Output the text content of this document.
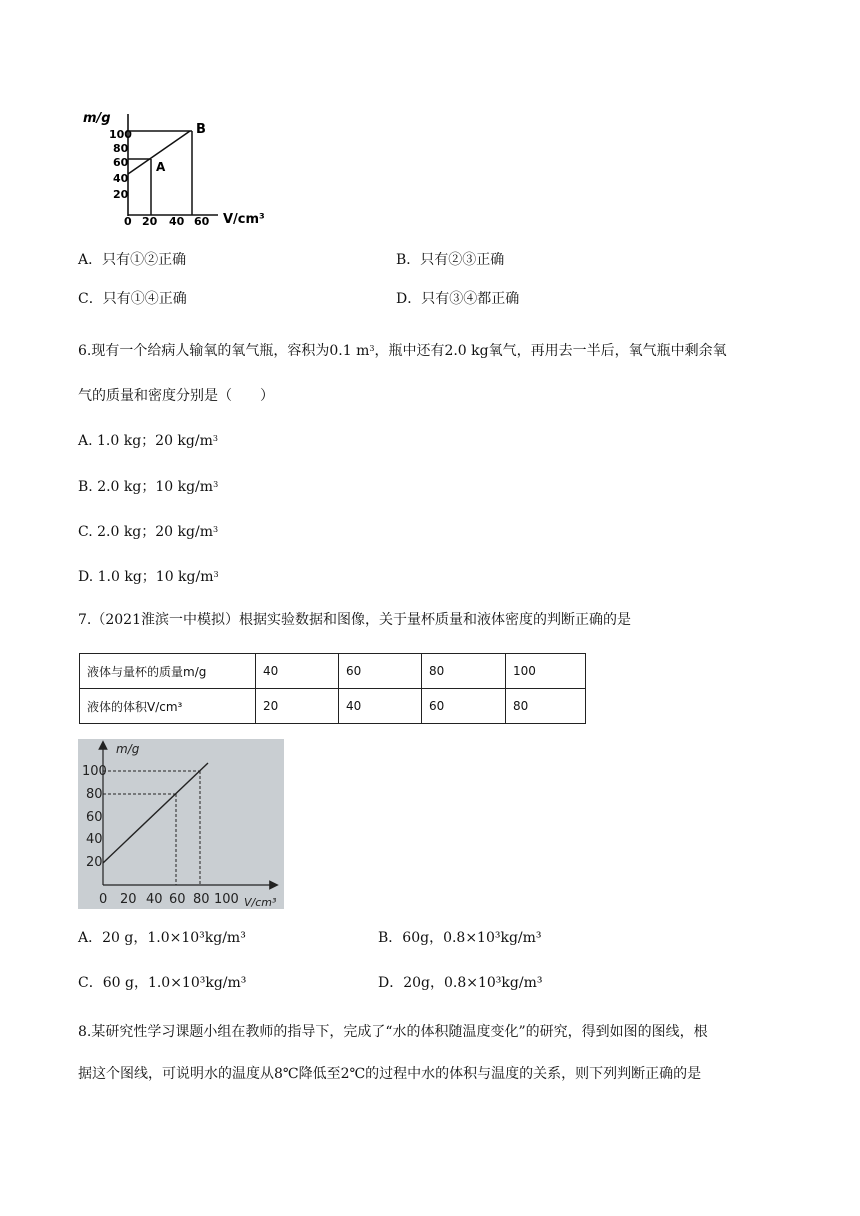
m/g
100
80
60
40
20
0 20 40 60 V/cm³
A
B
A．只有①②正确	B．只有②③正确
C．只有①④正确	D．只有③④都正确
6.现有一个给病人输氧的氧气瓶，容积为0.1 $m^3$，瓶中还有2.0 kg氧气，再用去一半后，氧气瓶中剩余氧
气的质量和密度分别是（　　）
A. 1.0 kg；20 $kg/m^3$
B. 2.0 kg；10 $kg/m^3$
C. 2.0 kg；20 $kg/m^3$
D. 1.0 kg；10 $kg/m^3$
7.（2021淮滨一中模拟）根据实验数据和图像，关于量杯质量和液体密度的判断正确的是
液体与量杯的质量m/g	40	60	80	100
液体的体积V/cm³	20	40	60	80
m/g
V/cm³
100
80
60
40
20
0 20 40 60 80 100
A．20 g，1.0×10³kg/m³	B．60g，0.8×10³kg/m³
C．60 g，1.0×10³kg/m³	D．20g，0.8×10³kg/m³
8.某研究性学习课题小组在教师的指导下，完成了“水的体积随温度变化”的研究，得到如图的图线，根
据这个图线，可说明水的温度从8℃降低至2℃的过程中水的体积与温度的关系，则下列判断正确的是
